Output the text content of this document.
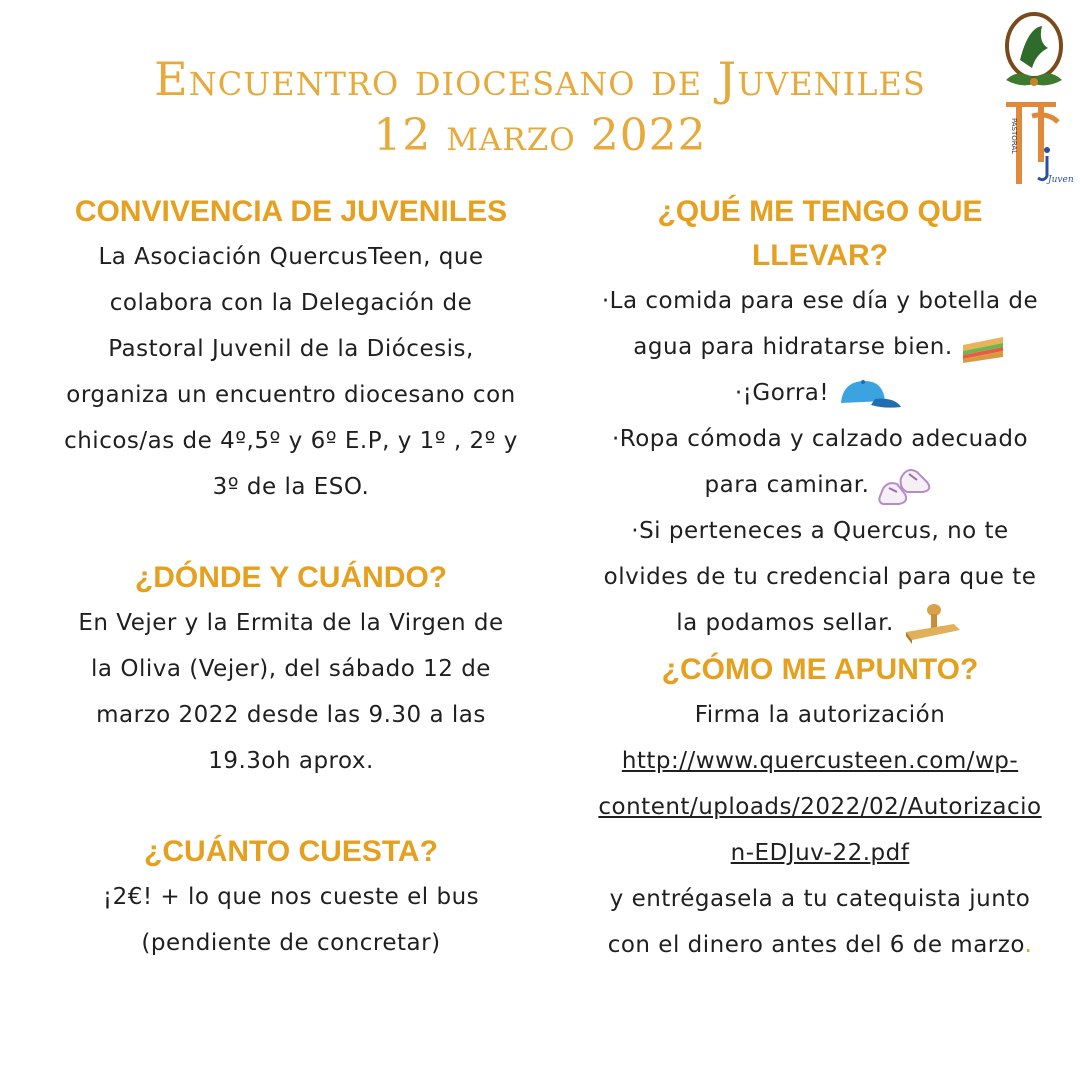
Encuentro diocesano de Juveniles
12 marzo 2022	PASTORAL
Juven
CONVIVENCIA DE JUVENILES
La Asociación QuercusTeen, que
colabora con la Delegación de
Pastoral Juvenil de la Diócesis,
organiza un encuentro diocesano con
chicos/as de 4º,5º y 6º E.P, y 1º , 2º y
3º de la ESO.
¿DÓNDE Y CUÁNDO?
En Vejer y la Ermita de la Virgen de
la Oliva (Vejer), del sábado 12 de
marzo 2022 desde las 9.30 a las
19.3oh aprox.
¿CUÁNTO CUESTA?
¡2€! + lo que nos cueste el bus
(pendiente de concretar)
¿QUÉ ME TENGO QUE
LLEVAR?
·La comida para ese día y botella de
agua para hidratarse bien.
·¡Gorra!
·Ropa cómoda y calzado adecuado
para caminar.
·Si perteneces a Quercus, no te
olvides de tu credencial para que te
la podamos sellar.
¿CÓMO ME APUNTO?
Firma la autorización
http://www.quercusteen.com/wp-
content/uploads/2022/02/Autorizacio
n-EDJuv-22.pdf
y entrégasela a tu catequista junto
con el dinero antes del 6 de marzo.
